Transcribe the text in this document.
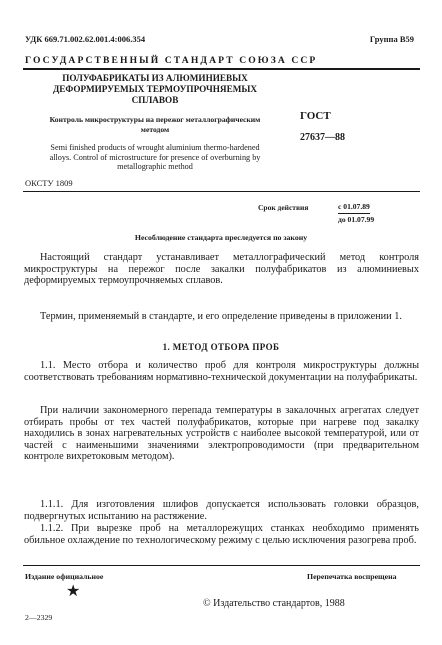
УДК 669.71.002.62.001.4:006.354	Группа В59
ГОСУДАРСТВЕННЫЙ СТАНДАРТ СОЮЗА ССР
ПОЛУФАБРИКАТЫ ИЗ АЛЮМИНИЕВЫХ ДЕФОРМИРУЕМЫХ ТЕРМОУПРОЧНЯЕМЫХ СПЛАВОВ
Контроль микроструктуры на пережог металлографическим методом
Semi finished products of wrought aluminium thermo-hardened alloys. Control of microstructure for presence of overburning by metallographic method
ГОСТ
27637—88
ОКСТУ 1809
Срок действия	с 01.07.89
до 01.07.99
Несоблюдение стандарта преследуется по закону
Настоящий стандарт устанавливает металлографический метод контроля микроструктуры на пережог после закалки полуфабрикатов из алюминиевых деформируемых термоупрочняемых сплавов.
Термин, применяемый в стандарте, и его определение приведены в приложении 1.
1. МЕТОД ОТБОРА ПРОБ
1.1. Место отбора и количество проб для контроля микроструктуры должны соответствовать требованиям нормативно-технической документации на полуфабрикаты.
При наличии закономерного перепада температуры в закалочных агрегатах следует отбирать пробы от тех частей полуфабрикатов, которые при нагреве под закалку находились в зонах нагревательных устройств с наиболее высокой температурой, или от частей с наименьшими значениями электропроводимости (при предварительном контроле вихретоковым методом).
1.1.1. Для изготовления шлифов допускается использовать головки образцов, подвергнутых испытанию на растяжение.
1.1.2. При вырезке проб на металлорежущих станках необходимо применять обильное охлаждение по технологическому режиму с целью исключения разогрева проб.
Издание официальное	Перепечатка воспрещена
★
© Издательство стандартов, 1988
2—2329
